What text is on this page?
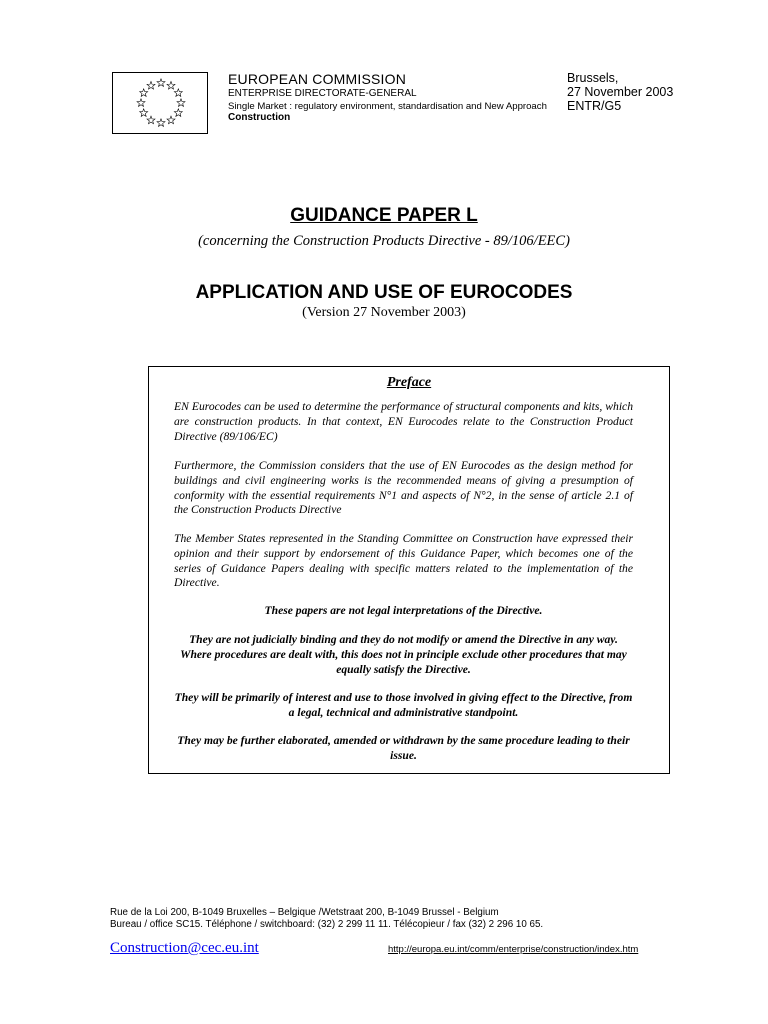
EUROPEAN COMMISSION
ENTERPRISE DIRECTORATE-GENERAL
Single Market : regulatory environment, standardisation and New Approach
Construction
Brussels,
27 November 2003
ENTR/G5
GUIDANCE PAPER L
(concerning the Construction Products Directive - 89/106/EEC)
APPLICATION AND USE OF EUROCODES
(Version 27 November 2003)
Preface

EN Eurocodes can be used to determine the performance of structural components and kits, which are construction products. In that context, EN Eurocodes relate to the Construction Product Directive (89/106/EC)

Furthermore, the Commission considers that the use of EN Eurocodes as the design method for buildings and civil engineering works is the recommended means of giving a presumption of conformity with the essential requirements N°1 and aspects of N°2, in the sense of article 2.1 of the Construction Products Directive

The Member States represented in the Standing Committee on Construction have expressed their opinion and their support by endorsement of this Guidance Paper, which becomes one of the series of Guidance Papers dealing with specific matters related to the implementation of the Directive.

These papers are not legal interpretations of the Directive.

They are not judicially binding and they do not modify or amend the Directive in any way. Where procedures are dealt with, this does not in principle exclude other procedures that may equally satisfy the Directive.

They will be primarily of interest and use to those involved in giving effect to the Directive, from a legal, technical and administrative standpoint.

They may be further elaborated, amended or withdrawn by the same procedure leading to their issue.

Rue de la Loi 200, B-1049 Bruxelles – Belgique /Wetstraat 200, B-1049 Brussel - Belgium
Bureau / office SC15. Téléphone / switchboard: (32) 2 299 11 11. Télécopieur / fax (32) 2 296 10 65.
Construction@cec.eu.int	http://europa.eu.int/comm/enterprise/construction/index.htm
